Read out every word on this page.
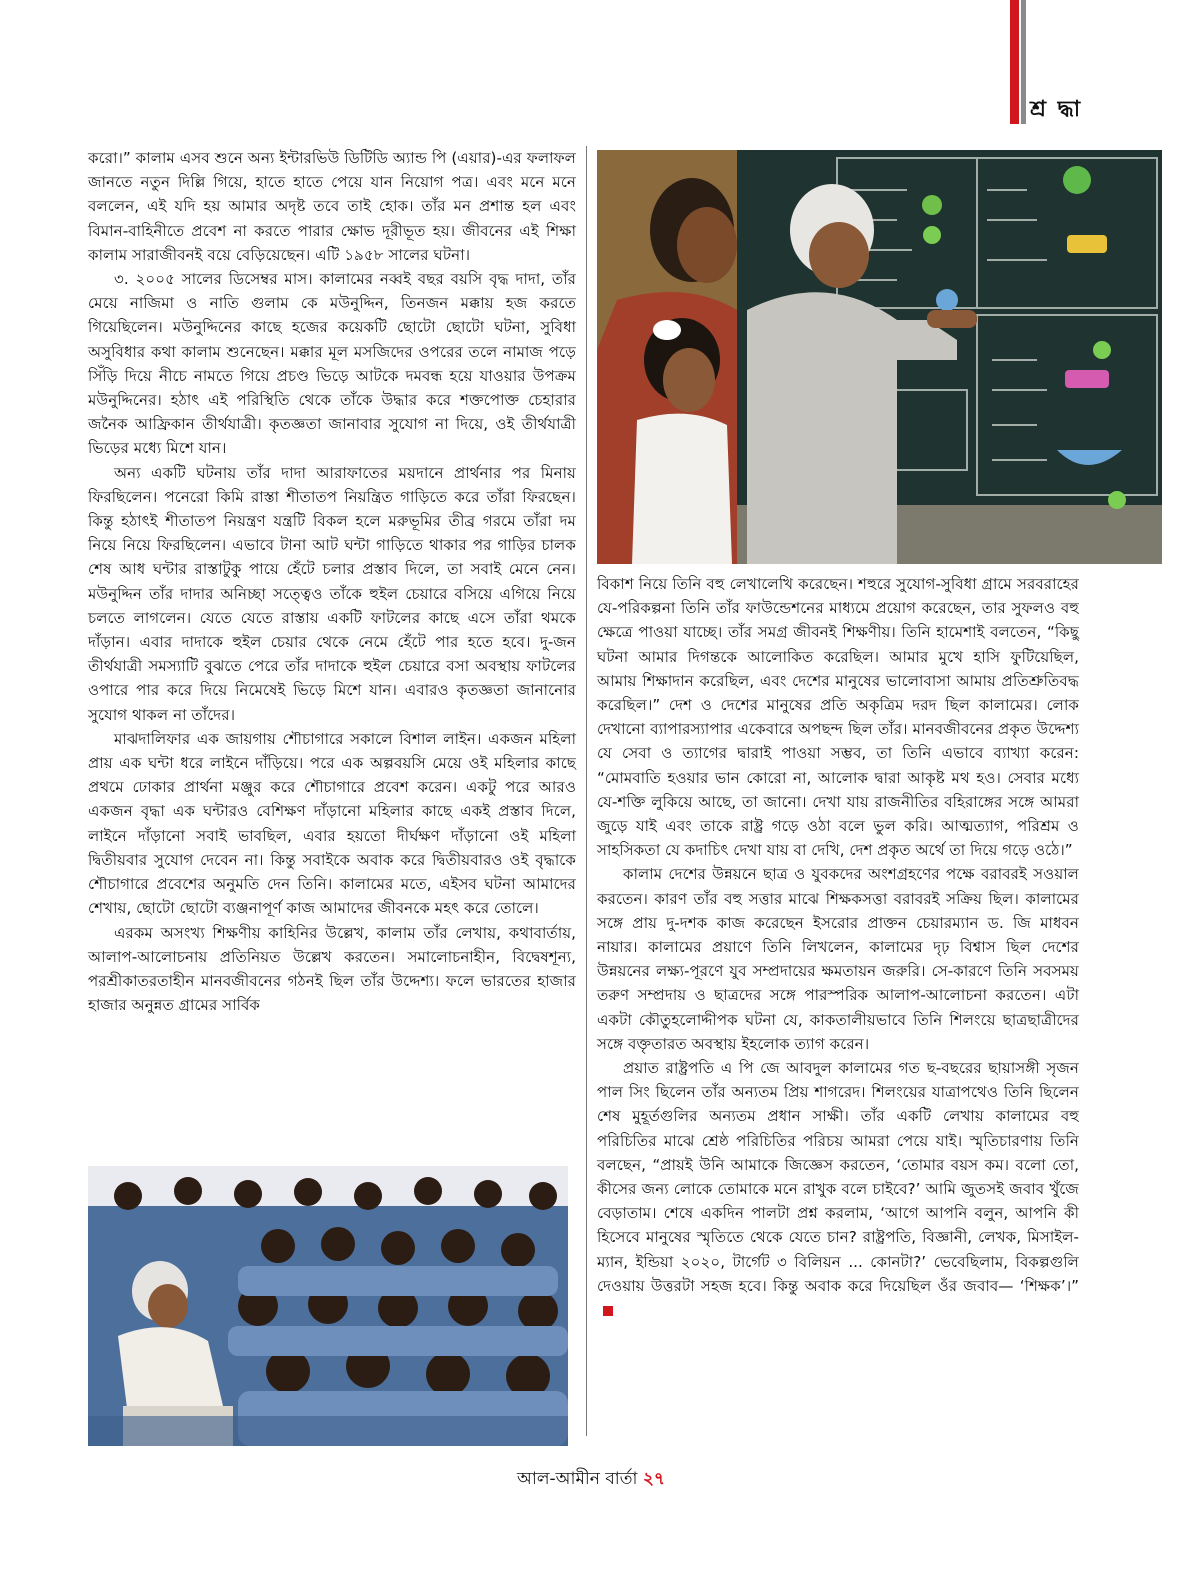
শ্র দ্ধা

করো।” কালাম এসব শুনে অন্য ইন্টারভিউ ডিটিডি অ্যান্ড পি (এয়ার)-এর ফলাফল জানতে নতুন দিল্লি গিয়ে, হাতে হাতে পেয়ে যান নিয়োগ পত্র। এবং মনে মনে বললেন, এই যদি হয় আমার অদৃষ্ট তবে তাই হোক। তাঁর মন প্রশান্ত হল এবং বিমান-বাহিনীতে প্রবেশ না করতে পারার ক্ষোভ দূরীভূত হয়। জীবনের এই শিক্ষা কালাম সারাজীবনই বয়ে বেড়িয়েছেন। এটি ১৯৫৮ সালের ঘটনা।

৩. ২০০৫ সালের ডিসেম্বর মাস। কালামের নব্বই বছর বয়সি বৃদ্ধ দাদা, তাঁর মেয়ে নাজিমা ও নাতি গুলাম কে মউনুদ্দিন, তিনজন মক্কায় হজ করতে গিয়েছিলেন। মউনুদ্দিনের কাছে হজের কয়েকটি ছোটো ছোটো ঘটনা, সুবিধা অসুবিধার কথা কালাম শুনেছেন। মক্কার মূল মসজিদের ওপরের তলে নামাজ পড়ে সিঁড়ি দিয়ে নীচে নামতে গিয়ে প্রচণ্ড ভিড়ে আটকে দমবন্ধ হয়ে যাওয়ার উপক্রম মউনুদ্দিনের। হঠাৎ এই পরিস্থিতি থেকে তাঁকে উদ্ধার করে শক্তপোক্ত চেহারার জনৈক আফ্রিকান তীর্থযাত্রী। কৃতজ্ঞতা জানাবার সুযোগ না দিয়ে, ওই তীর্থযাত্রী ভিড়ের মধ্যে মিশে যান।

অন্য একটি ঘটনায় তাঁর দাদা আরাফাতের ময়দানে প্রার্থনার পর মিনায় ফিরছিলেন। পনেরো কিমি রাস্তা শীতাতপ নিয়ন্ত্রিত গাড়িতে করে তাঁরা ফিরছেন। কিন্তু হঠাৎই শীতাতপ নিয়ন্ত্রণ যন্ত্রটি বিকল হলে মরুভূমির তীব্র গরমে তাঁরা দম নিয়ে নিয়ে ফিরছিলেন। এভাবে টানা আট ঘন্টা গাড়িতে থাকার পর গাড়ির চালক শেষ আধ ঘন্টার রাস্তাটুকু পায়ে হেঁটে চলার প্রস্তাব দিলে, তা সবাই মেনে নেন। মউনুদ্দিন তাঁর দাদার অনিচ্ছা সত্ত্বেও তাঁকে হুইল চেয়ারে বসিয়ে এগিয়ে নিয়ে চলতে লাগলেন। যেতে যেতে রাস্তায় একটি ফাটলের কাছে এসে তাঁরা থমকে দাঁড়ান। এবার দাদাকে হুইল চেয়ার থেকে নেমে হেঁটে পার হতে হবে। দু-জন তীর্থযাত্রী সমস্যাটি বুঝতে পেরে তাঁর দাদাকে হুইল চেয়ারে বসা অবস্থায় ফাটলের ওপারে পার করে দিয়ে নিমেষেই ভিড়ে মিশে যান। এবারও কৃতজ্ঞতা জানানোর সুযোগ থাকল না তাঁদের।

মাঝদালিফার এক জায়গায় শৌচাগারে সকালে বিশাল লাইন। একজন মহিলা প্রায় এক ঘন্টা ধরে লাইনে দাঁড়িয়ে। পরে এক অল্পবয়সি মেয়ে ওই মহিলার কাছে প্রথমে ঢোকার প্রার্থনা মঞ্জুর করে শৌচাগারে প্রবেশ করেন। একটু পরে আরও একজন বৃদ্ধা এক ঘন্টারও বেশিক্ষণ দাঁড়ানো মহিলার কাছে একই প্রস্তাব দিলে, লাইনে দাঁড়ানো সবাই ভাবছিল, এবার হয়তো দীর্ঘক্ষণ দাঁড়ানো ওই মহিলা দ্বিতীয়বার সুযোগ দেবেন না। কিন্তু সবাইকে অবাক করে দ্বিতীয়বারও ওই বৃদ্ধাকে শৌচাগারে প্রবেশের অনুমতি দেন তিনি। কালামের মতে, এইসব ঘটনা আমাদের শেখায়, ছোটো ছোটো ব্যঞ্জনাপূর্ণ কাজ আমাদের জীবনকে মহৎ করে তোলে।

এরকম অসংখ্য শিক্ষণীয় কাহিনির উল্লেখ, কালাম তাঁর লেখায়, কথাবার্তায়, আলাপ-আলোচনায় প্রতিনিয়ত উল্লেখ করতেন। সমালোচনাহীন, বিদ্বেষশূন্য, পরশ্রীকাতরতাহীন মানবজীবনের গঠনই ছিল তাঁর উদ্দেশ্য। ফলে ভারতের হাজার হাজার অনুন্নত গ্রামের সার্বিক

বিকাশ নিয়ে তিনি বহু লেখালেখি করেছেন। শহুরে সুযোগ-সুবিধা গ্রামে সরবরাহের যে-পরিকল্পনা তিনি তাঁর ফাউন্ডেশনের মাধ্যমে প্রয়োগ করেছেন, তার সুফলও বহু ক্ষেত্রে পাওয়া যাচ্ছে। তাঁর সমগ্র জীবনই শিক্ষণীয়। তিনি হামেশাই বলতেন, “কিছু ঘটনা আমার দিগন্তকে আলোকিত করেছিল। আমার মুখে হাসি ফুটিয়েছিল, আমায় শিক্ষাদান করেছিল, এবং দেশের মানুষের ভালোবাসা আমায় প্রতিশ্রুতিবদ্ধ করেছিল।” দেশ ও দেশের মানুষের প্রতি অকৃত্রিম দরদ ছিল কালামের। লোক দেখানো ব্যাপারস্যাপার একেবারে অপছন্দ ছিল তাঁর। মানবজীবনের প্রকৃত উদ্দেশ্য যে সেবা ও ত্যাগের দ্বারাই পাওয়া সম্ভব, তা তিনি এভাবে ব্যাখ্যা করেন: “মোমবাতি হওয়ার ভান কোরো না, আলোক দ্বারা আকৃষ্ট মথ হও। সেবার মধ্যে যে-শক্তি লুকিয়ে আছে, তা জানো। দেখা যায় রাজনীতির বহিরাঙ্গের সঙ্গে আমরা জুড়ে যাই এবং তাকে রাষ্ট্র গড়ে ওঠা বলে ভুল করি। আত্মত্যাগ, পরিশ্রম ও সাহসিকতা যে কদাচিৎ দেখা যায় বা দেখি, দেশ প্রকৃত অর্থে তা দিয়ে গড়ে ওঠে।”

কালাম দেশের উন্নয়নে ছাত্র ও যুবকদের অংশগ্রহণের পক্ষে বরাবরই সওয়াল করতেন। কারণ তাঁর বহু সত্তার মাঝে শিক্ষকসত্তা বরাবরই সক্রিয় ছিল। কালামের সঙ্গে প্রায় দু-দশক কাজ করেছেন ইসরোর প্রাক্তন চেয়ারম্যান ড. জি মাধবন নায়ার। কালামের প্রয়াণে তিনি লিখলেন, কালামের দৃঢ় বিশ্বাস ছিল দেশের উন্নয়নের লক্ষ্য-পূরণে যুব সম্প্রদায়ের ক্ষমতায়ন জরুরি। সে-কারণে তিনি সবসময় তরুণ সম্প্রদায় ও ছাত্রদের সঙ্গে পারস্পরিক আলাপ-আলোচনা করতেন। এটা একটা কৌতুহলোদ্দীপক ঘটনা যে, কাকতালীয়ভাবে তিনি শিলংয়ে ছাত্রছাত্রীদের সঙ্গে বক্তৃতারত অবস্থায় ইহলোক ত্যাগ করেন।

প্রয়াত রাষ্ট্রপতি এ পি জে আবদুল কালামের গত ছ-বছরের ছায়াসঙ্গী সৃজন পাল সিং ছিলেন তাঁর অন্যতম প্রিয় শাগরেদ। শিলংয়ের যাত্রাপথেও তিনি ছিলেন শেষ মুহূর্তগুলির অন্যতম প্রধান সাক্ষী। তাঁর একটি লেখায় কালামের বহু পরিচিতির মাঝে শ্রেষ্ঠ পরিচিতির পরিচয় আমরা পেয়ে যাই। স্মৃতিচারণায় তিনি বলছেন, “প্রায়ই উনি আমাকে জিজ্ঞেস করতেন, ‘তোমার বয়স কম। বলো তো, কীসের জন্য লোকে তোমাকে মনে রাখুক বলে চাইবে?’ আমি জুতসই জবাব খুঁজে বেড়াতাম। শেষে একদিন পালটা প্রশ্ন করলাম, ‘আগে আপনি বলুন, আপনি কী হিসেবে মানুষের স্মৃতিতে থেকে যেতে চান? রাষ্ট্রপতি, বিজ্ঞানী, লেখক, মিসাইল-ম্যান, ইন্ডিয়া ২০২০, টার্গেট ৩ বিলিয়ন ... কোনটা?’ ভেবেছিলাম, বিকল্পগুলি দেওয়ায় উত্তরটা সহজ হবে। কিন্তু অবাক করে দিয়েছিল ওঁর জবাব— ‘শিক্ষক’।”

আল-আমীন বার্তা ২৭
